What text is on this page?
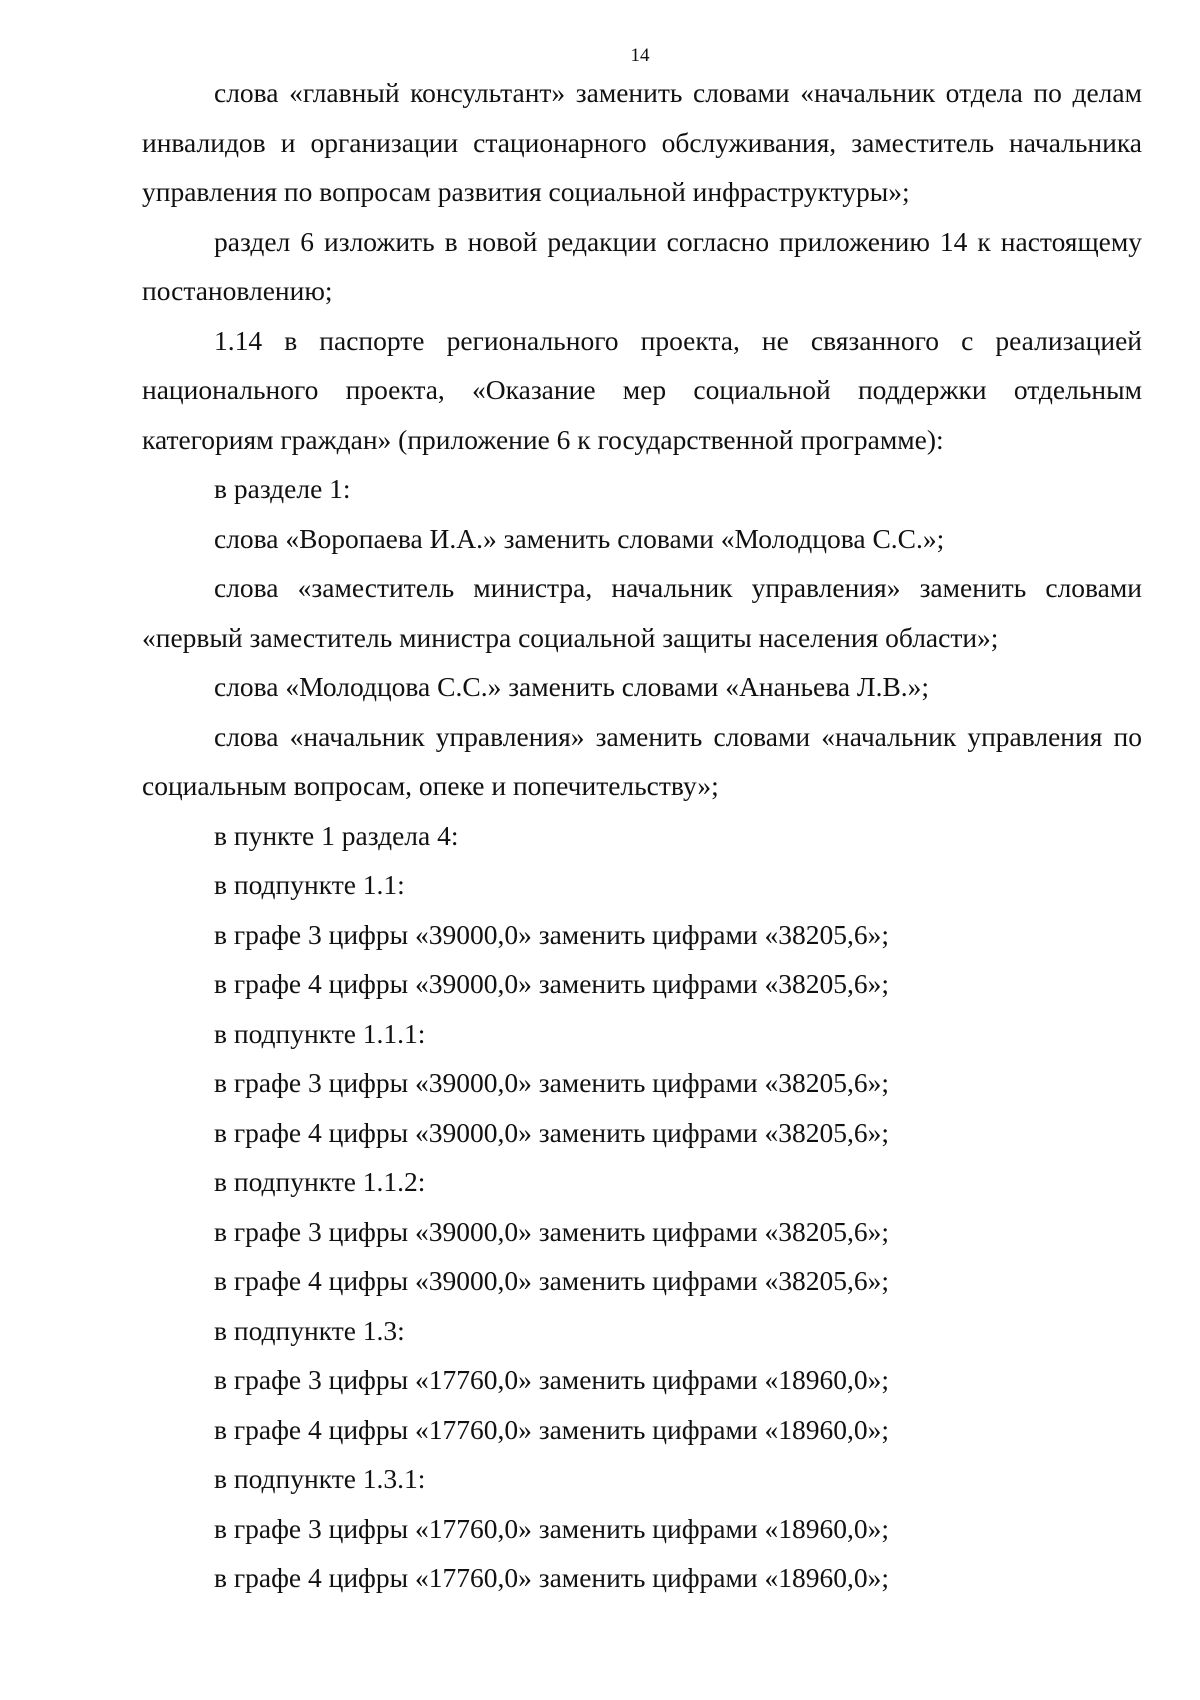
14

слова «главный консультант» заменить словами «начальник отдела по делам инвалидов и организации стационарного обслуживания, заместитель начальника управления по вопросам развития социальной инфраструктуры»;

раздел 6 изложить в новой редакции согласно приложению 14 к настоящему постановлению;

1.14 в паспорте регионального проекта, не связанного с реализацией национального проекта, «Оказание мер социальной поддержки отдельным категориям граждан» (приложение 6 к государственной программе):

в разделе 1:

слова «Воропаева И.А.» заменить словами «Молодцова С.С.»;

слова «заместитель министра, начальник управления» заменить словами «первый заместитель министра социальной защиты населения области»;

слова «Молодцова С.С.» заменить словами «Ананьева Л.В.»;

слова «начальник управления» заменить словами «начальник управления по социальным вопросам, опеке и попечительству»;

в пункте 1 раздела 4:

в подпункте 1.1:

в графе 3 цифры «39000,0» заменить цифрами «38205,6»;

в графе 4 цифры «39000,0» заменить цифрами «38205,6»;

в подпункте 1.1.1:

в графе 3 цифры «39000,0» заменить цифрами «38205,6»;

в графе 4 цифры «39000,0» заменить цифрами «38205,6»;

в подпункте 1.1.2:

в графе 3 цифры «39000,0» заменить цифрами «38205,6»;

в графе 4 цифры «39000,0» заменить цифрами «38205,6»;

в подпункте 1.3:

в графе 3 цифры «17760,0» заменить цифрами «18960,0»;

в графе 4 цифры «17760,0» заменить цифрами «18960,0»;

в подпункте 1.3.1:

в графе 3 цифры «17760,0» заменить цифрами «18960,0»;

в графе 4 цифры «17760,0» заменить цифрами «18960,0»;
